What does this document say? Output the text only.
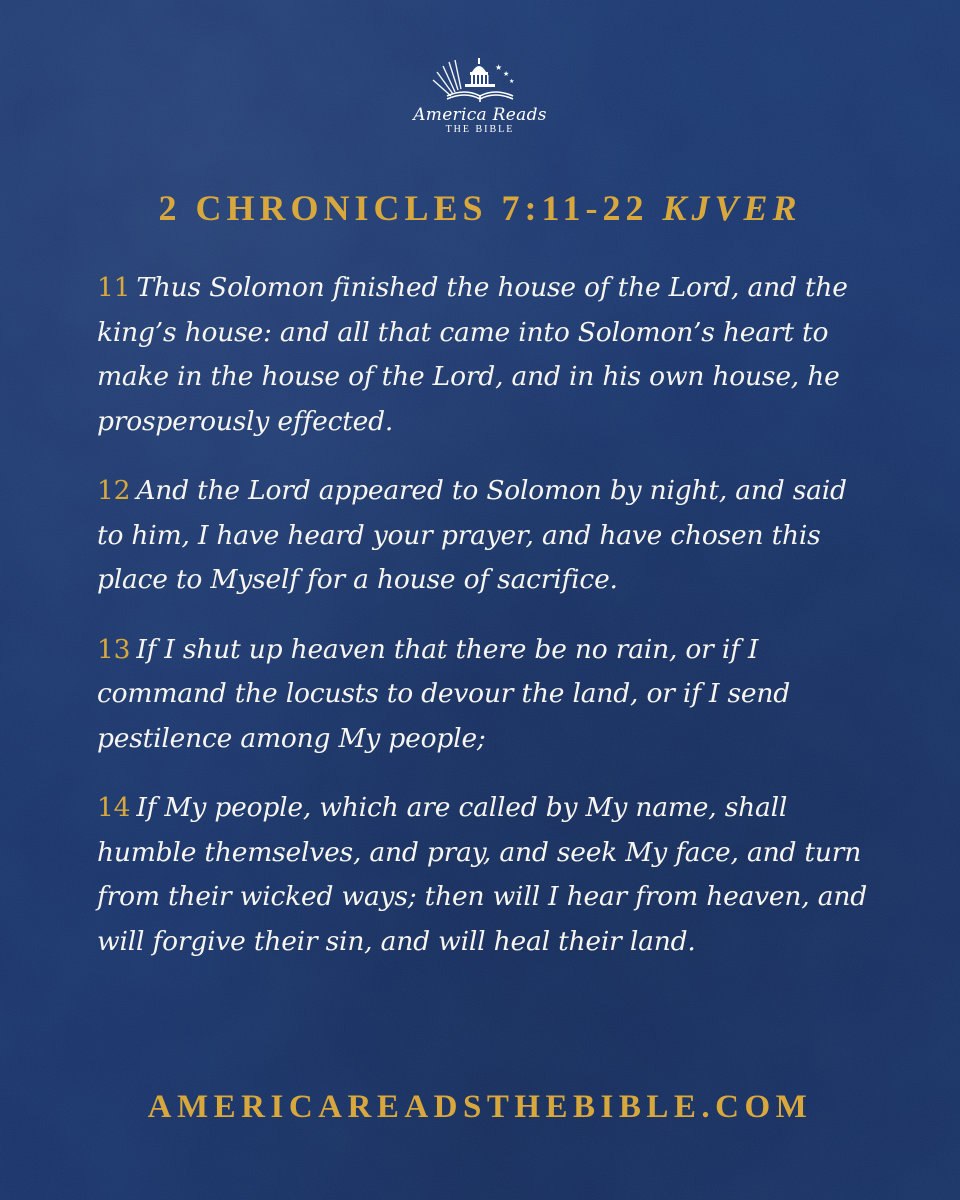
★
★
★
America Reads
THE BIBLE
2 CHRONICLES 7:11-22 KJVER

11 Thus Solomon finished the house of the Lord, and the king’s house: and all that came into Solomon’s heart to make in the house of the Lord, and in his own house, he prosperously effected.

12 And the Lord appeared to Solomon by night, and said to him, I have heard your prayer, and have chosen this place to Myself for a house of sacrifice.

13 If I shut up heaven that there be no rain, or if I command the locusts to devour the land, or if I send pestilence among My people;

14 If My people, which are called by My name, shall humble themselves, and pray, and seek My face, and turn from their wicked ways; then will I hear from heaven, and will forgive their sin, and will heal their land.

AMERICAREADSTHEBIBLE.COM
